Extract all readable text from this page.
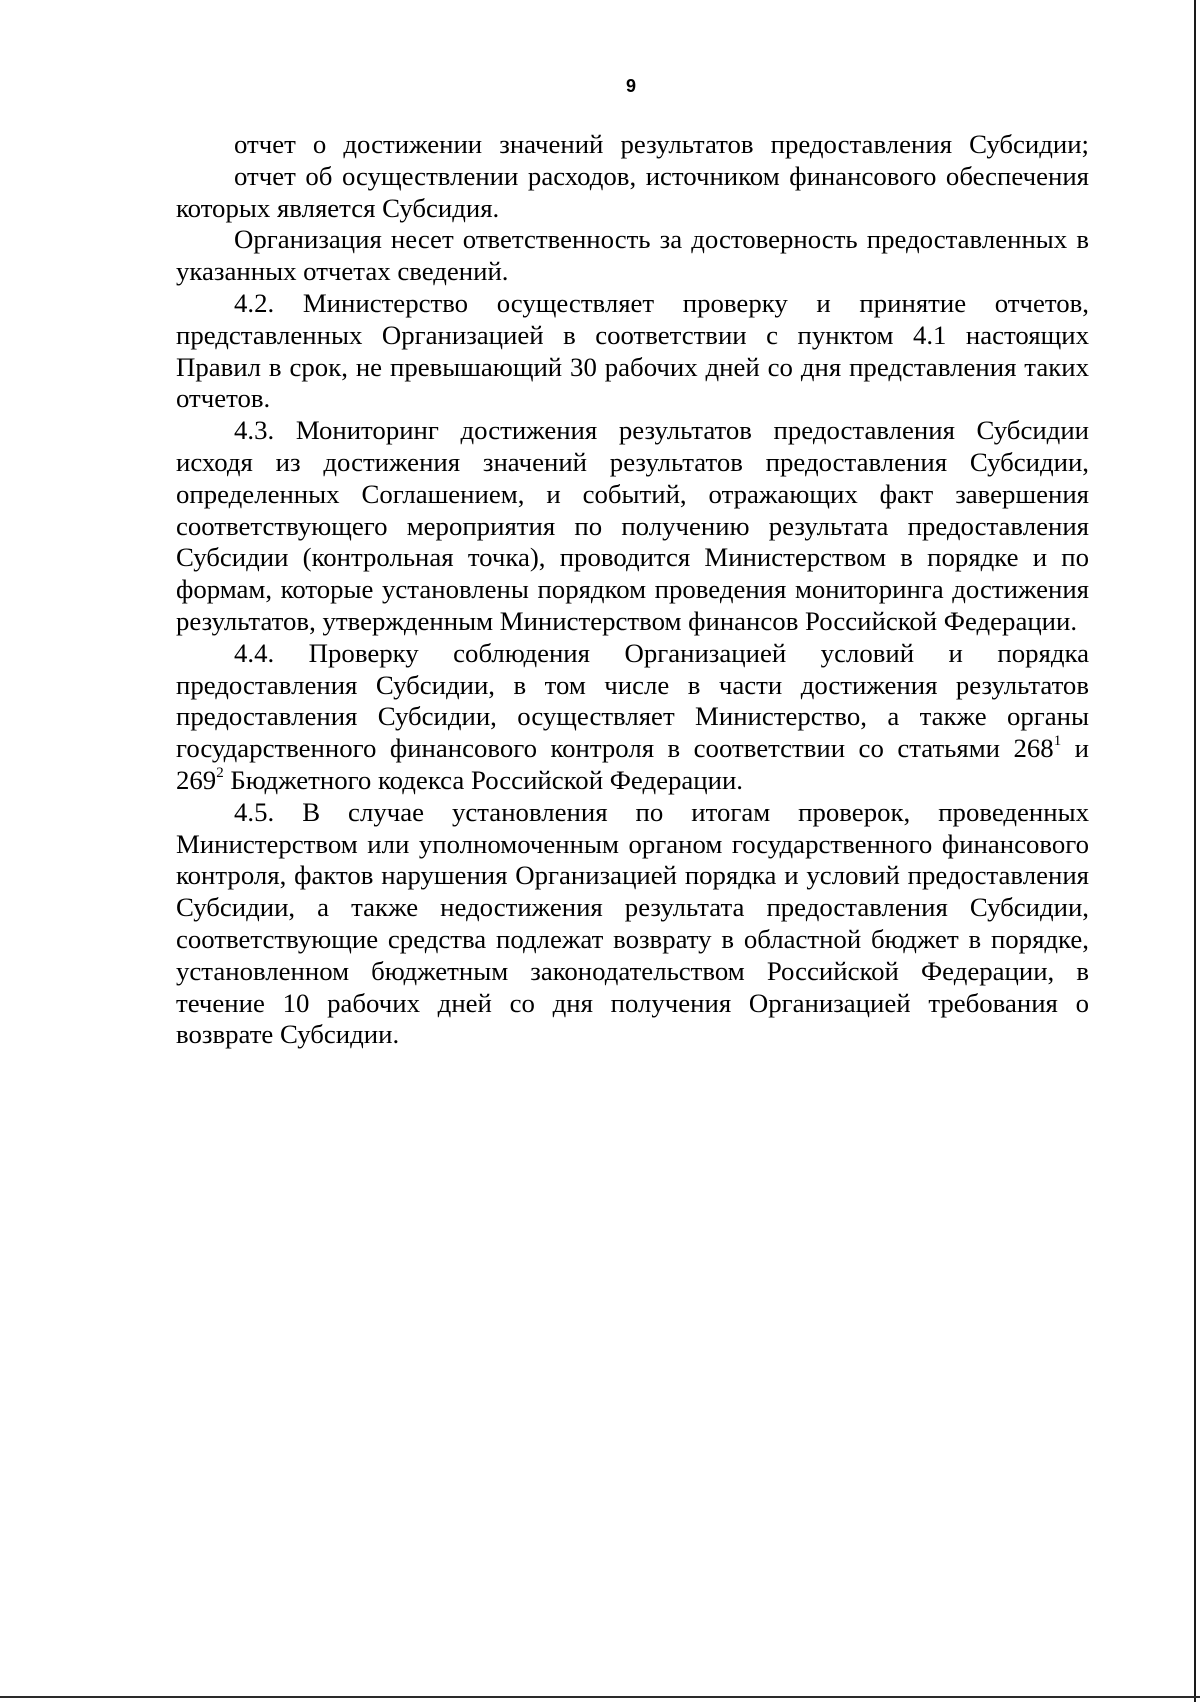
9

отчет о достижении значений результатов предоставления Субсидии;

отчет об осуществлении расходов, источником финансового обеспечения которых является Субсидия.

Организация несет ответственность за достоверность предоставленных в указанных отчетах сведений.

4.2. Министерство осуществляет проверку и принятие отчетов, представленных Организацией в соответствии с пунктом 4.1 настоящих Правил в срок, не превышающий 30 рабочих дней со дня представления таких отчетов.

4.3. Мониторинг достижения результатов предоставления Субсидии исходя из достижения значений результатов предоставления Субсидии, определенных Соглашением, и событий, отражающих факт завершения соответствующего мероприятия по получению результата предоставления Субсидии (контрольная точка), проводится Министерством в порядке и по формам, которые установлены порядком проведения мониторинга достижения результатов, утвержденным Министерством финансов Российской Федерации.

4.4. Проверку соблюдения Организацией условий и порядка предоставления Субсидии, в том числе в части достижения результатов предоставления Субсидии, осуществляет Министерство, а также органы государственного финансового контроля в соответствии со статьями $268^1$ и $269^2$ Бюджетного кодекса Российской Федерации.

4.5. В случае установления по итогам проверок, проведенных Министерством или уполномоченным органом государственного финансового контроля, фактов нарушения Организацией порядка и условий предоставления Субсидии, а также недостижения результата предоставления Субсидии, соответствующие средства подлежат возврату в областной бюджет в порядке, установленном бюджетным законодательством Российской Федерации, в течение 10 рабочих дней со дня получения Организацией требования о возврате Субсидии.
